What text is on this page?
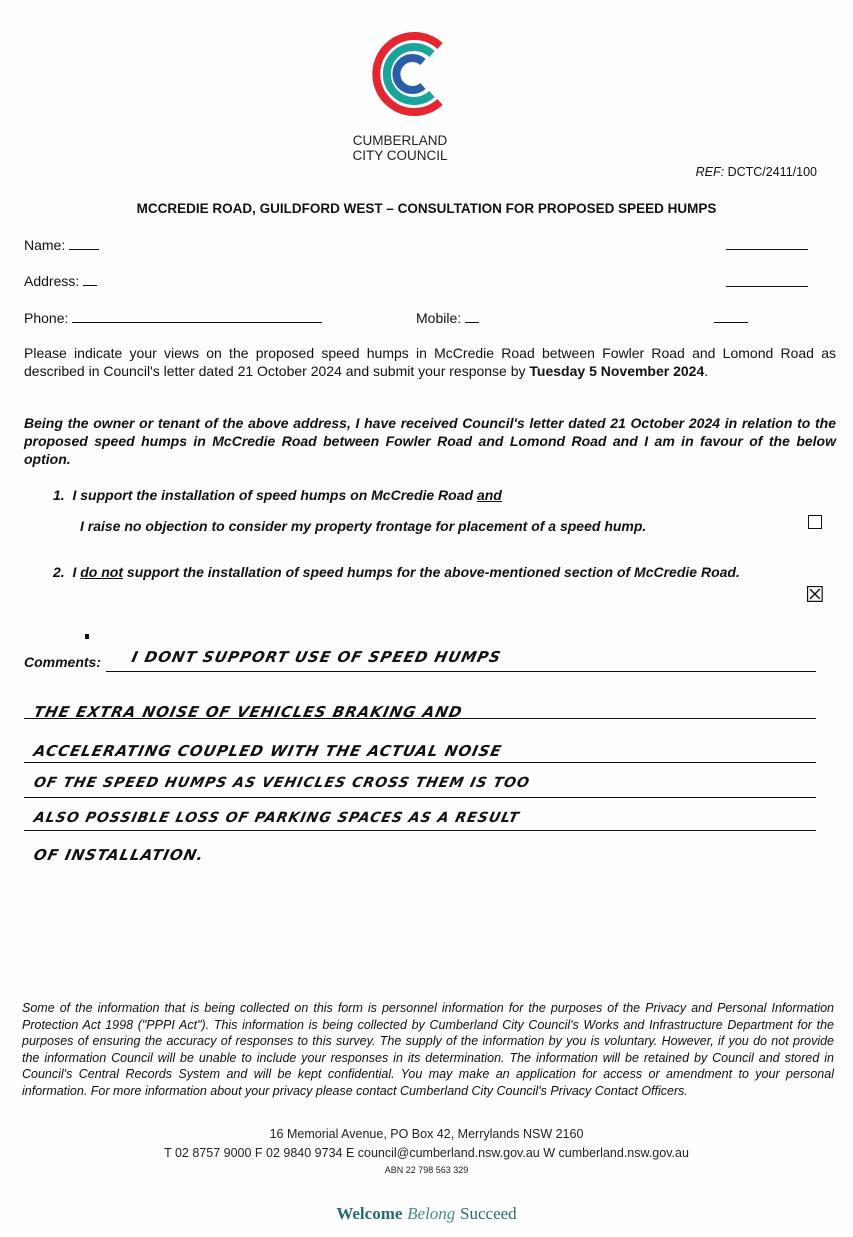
CUMBERLAND
CITY COUNCIL
REF: DCTC/2411/100
MCCREDIE ROAD, GUILDFORD WEST – CONSULTATION FOR PROPOSED SPEED HUMPS
Name:
Address:
Phone:	Mobile:
Please indicate your views on the proposed speed humps in McCredie Road between Fowler Road and Lomond Road as described in Council's letter dated 21 October 2024 and submit your response by Tuesday 5 November 2024.
Being the owner or tenant of the above address, I have received Council's letter dated 21 October 2024 in relation to the proposed speed humps in McCredie Road between Fowler Road and Lomond Road and I am in favour of the below option.
1. I support the installation of speed humps on McCredie Road and
I raise no objection to consider my property frontage for placement of a speed hump.
2. I do not support the installation of speed humps for the above-mentioned section of McCredie Road.
☒
Comments: I DONT SUPPORT USE OF SPEED HUMPS
THE EXTRA NOISE OF VEHICLES BRAKING AND
ACCELERATING COUPLED WITH THE ACTUAL NOISE
OF THE SPEED HUMPS AS VEHICLES CROSS THEM IS TOO
ALSO POSSIBLE LOSS OF PARKING SPACES AS A RESULT
OF INSTALLATION.
Some of the information that is being collected on this form is personnel information for the purposes of the Privacy and Personal Information Protection Act 1998 ("PPPI Act"). This information is being collected by Cumberland City Council's Works and Infrastructure Department for the purposes of ensuring the accuracy of responses to this survey. The supply of the information by you is voluntary. However, if you do not provide the information Council will be unable to include your responses in its determination. The information will be retained by Council and stored in Council's Central Records System and will be kept confidential. You may make an application for access or amendment to your personal information. For more information about your privacy please contact Cumberland City Council's Privacy Contact Officers.
16 Memorial Avenue, PO Box 42, Merrylands NSW 2160
T 02 8757 9000 F 02 9840 9734 E council@cumberland.nsw.gov.au W cumberland.nsw.gov.au
ABN 22 798 563 329
Welcome Belong Succeed
